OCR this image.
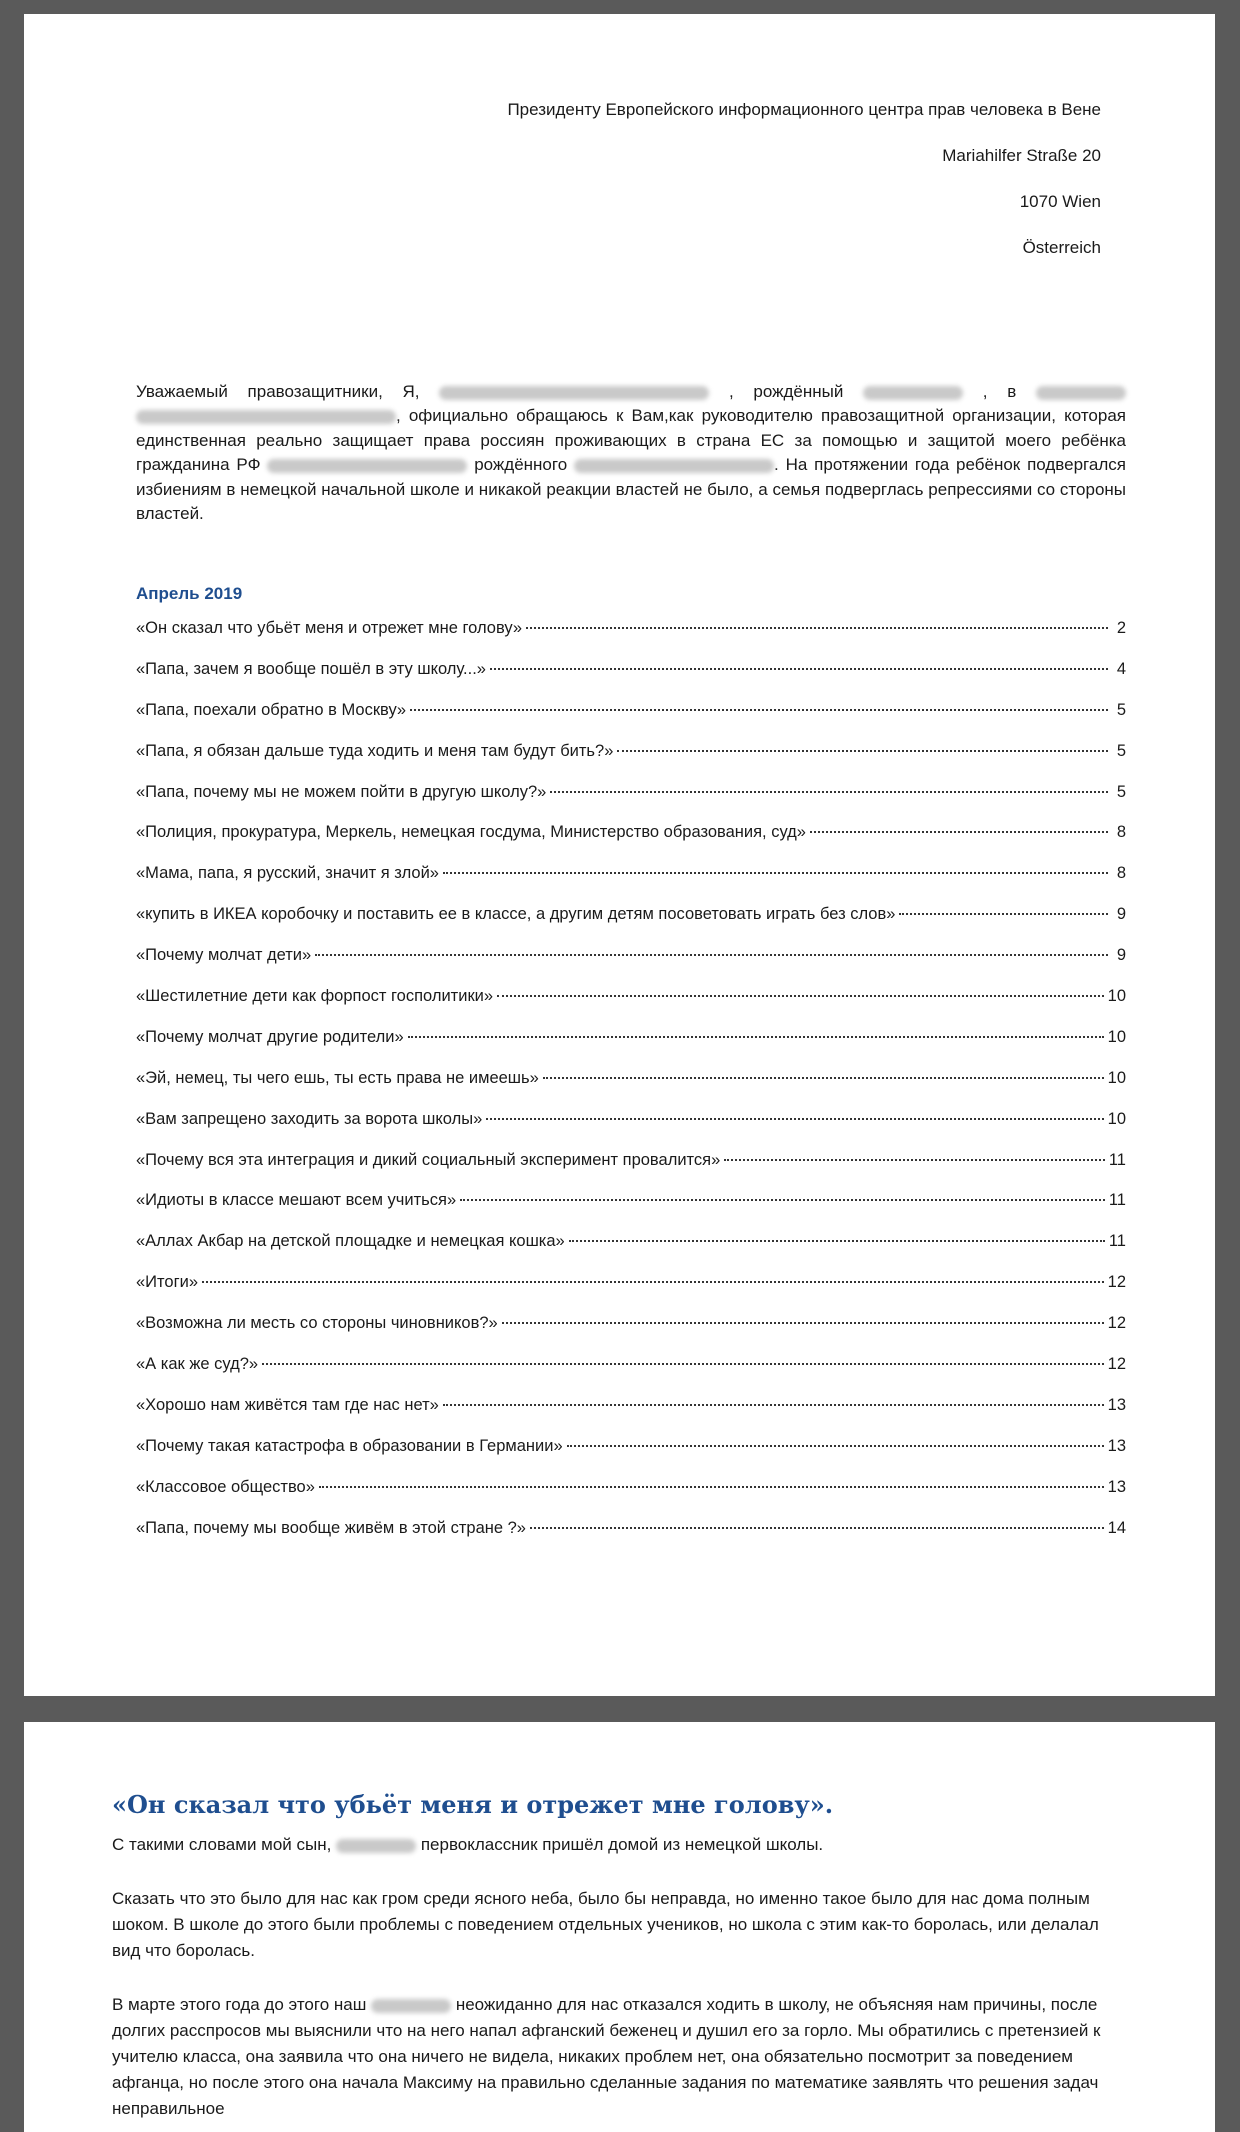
Президенту Европейского информационного центра прав человека в Вене
Mariahilfer Straße 20
1070 Wien
Österreich
Уважаемый правозащитники, Я,	, рождённый	, в  , официально обращаюсь к Вам,как руководителю правозащитной организации, которая единственная реально защищает права россиян проживающих в страна ЕС за помощью и защитой моего ребёнка гражданина РФ	рождённого	. На протяжении года ребёнок подвергался избиениям в немецкой начальной школе и никакой реакции властей не было, а семья подверглась репрессиями со стороны властей.
Апрель 2019
«Он сказал что убьёт меня и отрежет мне голову»	2
«Папа, зачем я вообще пошёл в эту школу...»	4
«Папа, поехали обратно в Москву»	5
«Папа, я обязан дальше туда ходить и меня там будут бить?»	5
«Папа, почему мы не можем пойти в другую школу?»	5
«Полиция, прокуратура, Меркель, немецкая госдума, Министерство образования, суд»	8
«Мама, папа, я русский, значит я злой»	8
«купить в ИКЕА коробочку и поставить ее в классе, а другим детям посоветовать играть без слов»	9
«Почему молчат дети»	9
«Шестилетние дети как форпост госполитики»	10
«Почему молчат другие родители»	10
«Эй, немец, ты чего ешь, ты есть права не имеешь»	10
«Вам запрещено заходить за ворота школы»	10
«Почему вся эта интеграция и дикий социальный эксперимент провалится»	11
«Идиоты в классе мешают всем учиться»	11
«Аллах Акбар на детской площадке и немецкая кошка»	11
«Итоги»	12
«Возможна ли месть со стороны чиновников?»	12
«А как же суд?»	12
«Хорошо нам живётся там где нас нет»	13
«Почему такая катастрофа в образовании в Германии»	13
«Классовое общество»	13
«Папа, почему мы вообще живём в этой стране ?»	14
«Он сказал что убьёт меня и отрежет мне голову».

С такими словами мой сын,	первоклассник пришёл домой из немецкой школы.

Сказать что это было для нас как гром среди ясного неба, было бы неправда, но именно такое было для нас дома полным шоком. В школе до этого были проблемы с поведением отдельных учеников, но школа с этим как-то боролась, или делалал вид что боролась.

В марте этого года до этого наш	неожиданно для нас отказался ходить в школу, не объясняя нам причины, после долгих расспросов мы выяснили что на него напал афганский беженец и душил его за горло. Мы обратились с претензией к учителю класса, она заявила что она ничего не видела, никаких проблем нет, она обязательно посмотрит за поведением афганца, но после этого она начала Максиму на правильно сделанные задания по математике заявлять что решения задач неправильное
